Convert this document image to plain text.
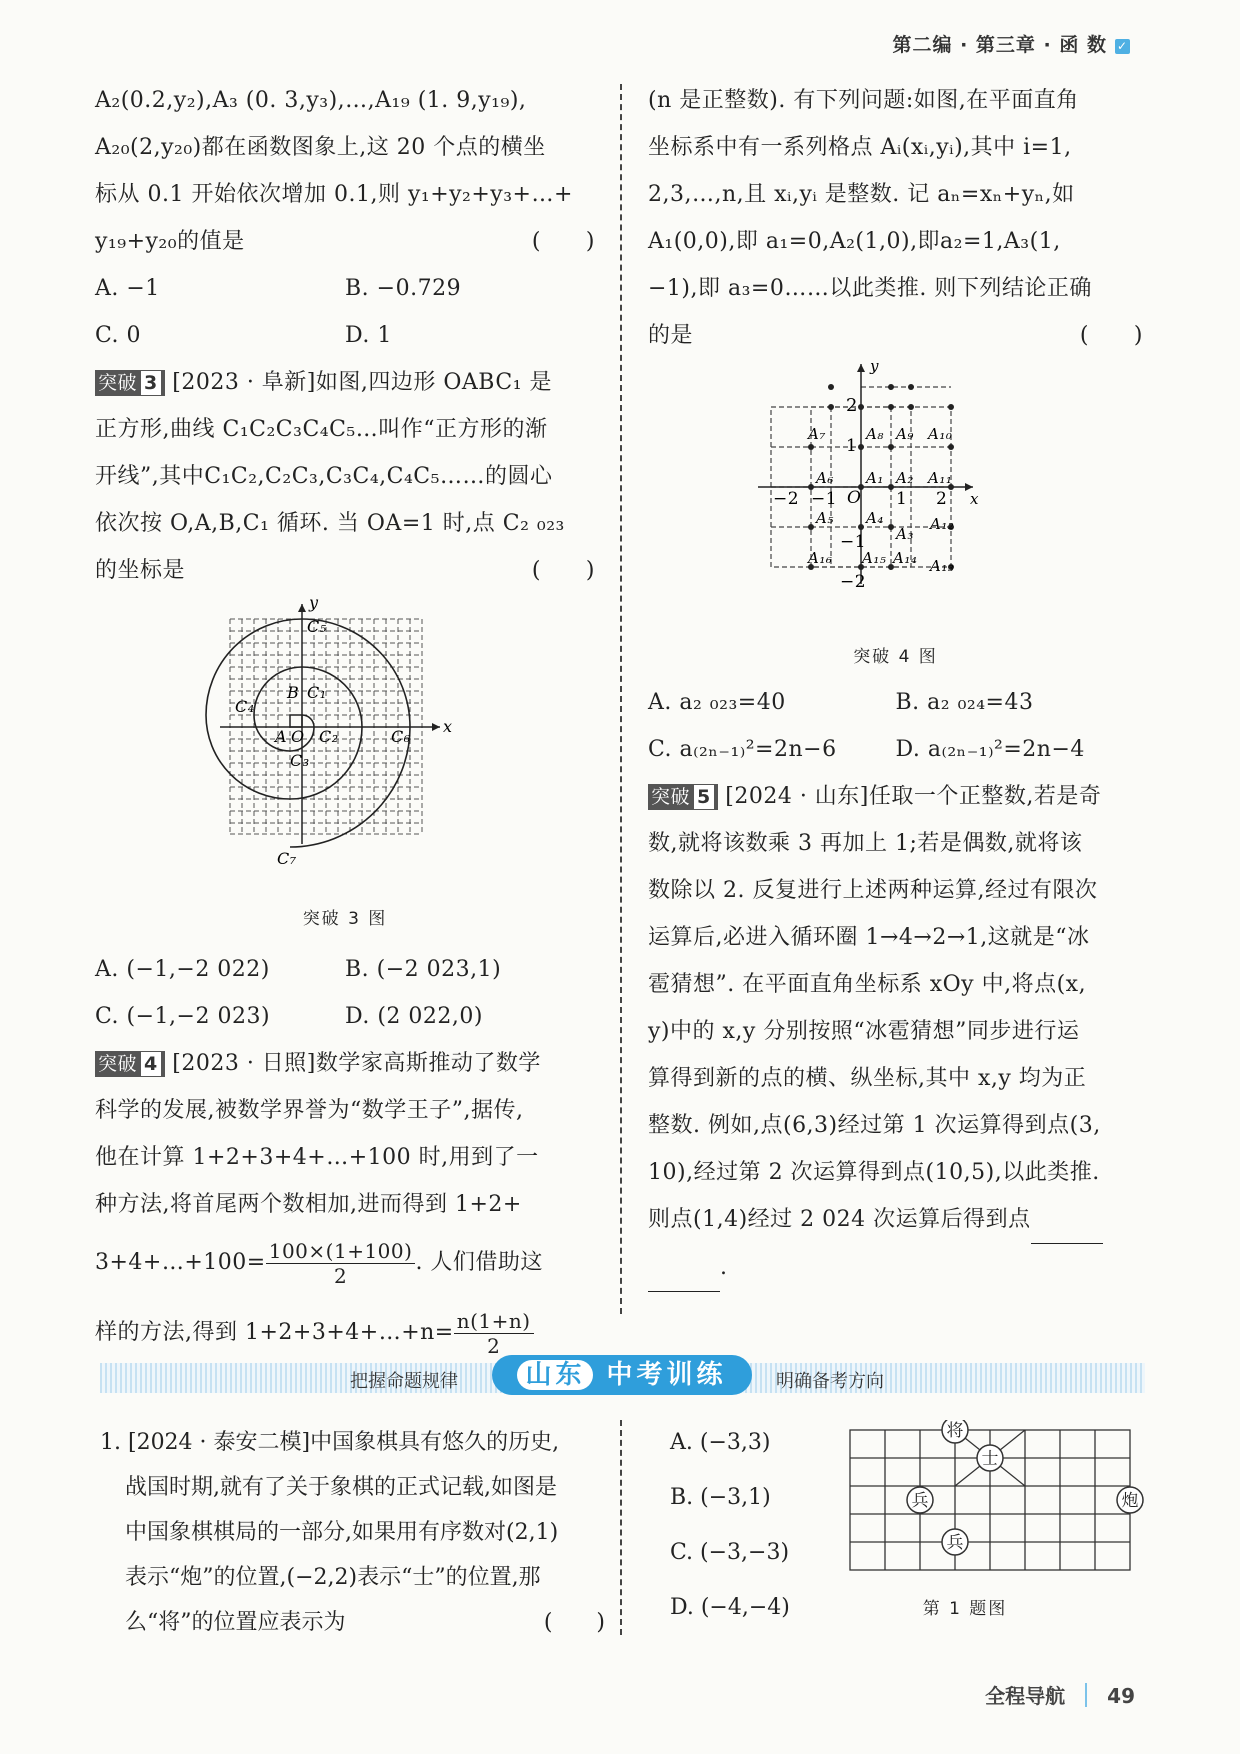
第二编 · 第三章 · 函 数 ✓
A₂(0.2,y₂),A₃ (0. 3,y₃),…,A₁₉ (1. 9,y₁₉),
A₂₀(2,y₂₀)都在函数图象上,这 20 个点的横坐
标从 0.1 开始依次增加 0.1,则 y₁+y₂+y₃+…+
y₁₉+y₂₀的值是	(　　)
A. −1	B. −0.729
C. 0	D. 1
突破 3 [2023 · 阜新]如图,四边形 OABC₁ 是
正方形,曲线 C₁C₂C₃C₄C₅…叫作“正方形的渐
开线”,其中C₁C₂,C₂C₃,C₃C₄,C₄C₅……的圆心
依次按 O,A,B,C₁ 循环. 当 OA=1 时,点 C₂ ₀₂₃
的坐标是	(　　)
y
x
C₅
C₄
B C₁
A O C₂
C₃
C₆
C₇
突破 3 图
A. (−1,−2 022)	B. (−2 023,1)
C. (−1,−2 023)	D. (2 022,0)
突破 4 [2023 · 日照]数学家高斯推动了数学
科学的发展,被数学界誉为“数学王子”,据传,
他在计算 1+2+3+4+…+100 时,用到了一
种方法,将首尾两个数相加,进而得到 1+2+
3+4+…+100= $\frac{100\times(1+100)}{2}$ . 人们借助这
样的方法,得到 1+2+3+4+…+n= $\frac{n(1+n)}{2}$
(n 是正整数). 有下列问题:如图,在平面直角
坐标系中有一系列格点 Aᵢ(xᵢ,yᵢ),其中 i=1,
2,3,…,n,且 xᵢ,yᵢ 是整数. 记 aₙ=xₙ+yₙ,如
A₁(0,0),即 a₁=0,A₂(1,0),即a₂=1,A₃(1,
−1),即 a₃=0……以此类推. 则下列结论正确
的是	(　　)
y
x
2
1
−1
−2
O 1 2
−1
−2
A₁ A₂
A₃
A₄
A₅
A₆
A₇	A₈ A₉ A₁₀
A₁₁
A₁₂
A₁₃
A₁₄
A₁₅
A₁₆
突破 4 图
A. a₂ ₀₂₃=40	B. a₂ ₀₂₄=43
C. a₍₂ₙ₋₁₎²=2n−6	D. a₍₂ₙ₋₁₎²=2n−4
突破 5 [2024 · 山东]任取一个正整数,若是奇
数,就将该数乘 3 再加上 1;若是偶数,就将该
数除以 2. 反复进行上述两种运算,经过有限次
运算后,必进入循环圈 1→4→2→1,这就是“冰
雹猜想”. 在平面直角坐标系 xOy 中,将点(x,
y)中的 x,y 分别按照“冰雹猜想”同步进行运
算得到新的点的横、纵坐标,其中 x,y 均为正
整数. 例如,点(6,3)经过第 1 次运算得到点(3,
10),经过第 2 次运算得到点(10,5),以此类推.
则点(1,4)经过 2 024 次运算后得到点
.
把握命题规律	山东 中考训练	明确备考方向
1. [2024 · 泰安二模]中国象棋具有悠久的历史,
战国时期,就有了关于象棋的正式记载,如图是
中国象棋棋局的一部分,如果用有序数对(2,1)
表示“炮”的位置,(−2,2)表示“士”的位置,那
么“将”的位置应表示为	(　　)
A. (−3,3)
B. (−3,1)
C. (−3,−3)
D. (−4,−4)
将
士
兵
兵
炮
第 1 题图
全程导航 49
